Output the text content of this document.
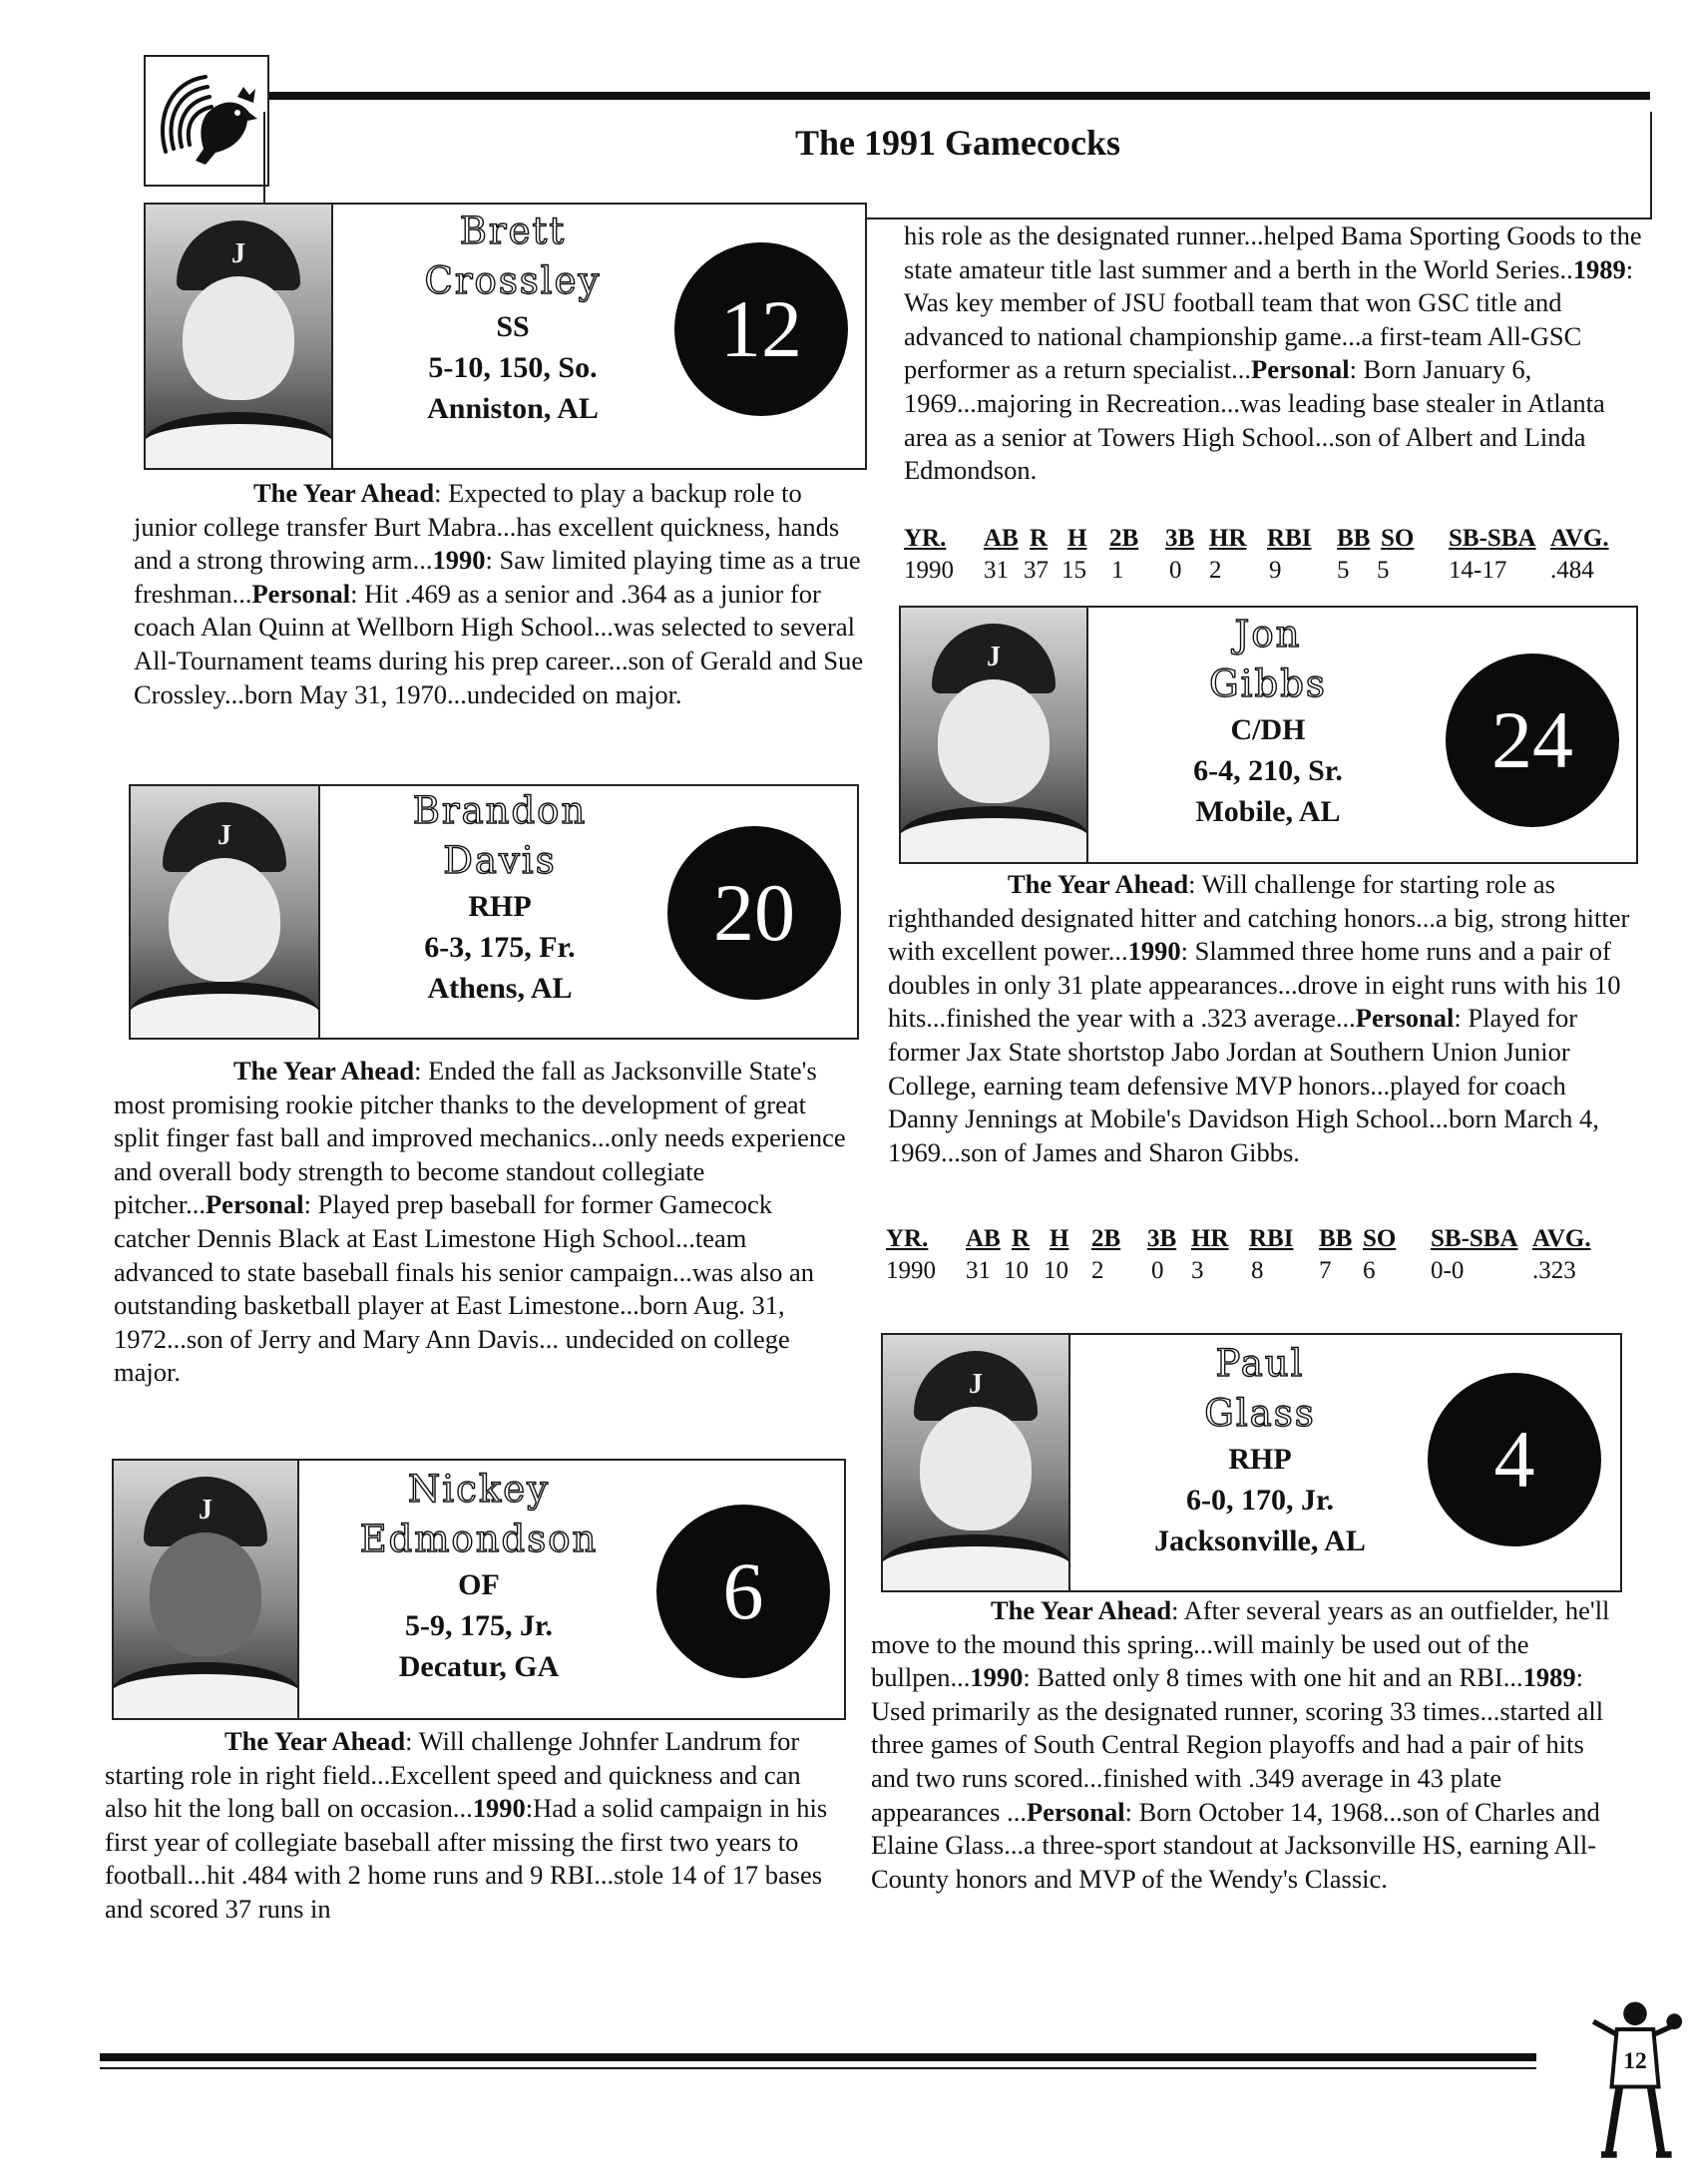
The 1991 Gamecocks
J
Brett
Crossley
SS
5-10, 150, So.
Anniston, AL
12

The Year Ahead: Expected to play a backup role to junior college transfer Burt Mabra...has excellent quickness, hands and a strong throwing arm...1990: Saw limited playing time as a true freshman...Personal: Hit .469 as a senior and .364 as a junior for coach Alan Quinn at Wellborn High School...was selected to several All-Tournament teams during his prep career...son of Gerald and Sue Crossley...born May 31, 1970...undecided on major.

J
Brandon
Davis
RHP
6-3, 175, Fr.
Athens, AL
20

The Year Ahead: Ended the fall as Jacksonville State's most promising rookie pitcher thanks to the development of great split finger fast ball and improved mechanics...only needs experience and overall body strength to become standout collegiate pitcher...Personal: Played prep baseball for former Gamecock catcher Dennis Black at East Limestone High School...team advanced to state baseball finals his senior campaign...was also an outstanding basketball player at East Limestone...born Aug. 31, 1972...son of Jerry and Mary Ann Davis... undecided on college major.

J	Nickey
Edmondson
OF
5-9, 175, Jr.
Decatur, GA
6

The Year Ahead: Will challenge Johnfer Landrum for starting role in right field...Excellent speed and quickness and can also hit the long ball on occasion...1990:Had a solid campaign in his first year of collegiate baseball after missing the first two years to football...hit .484 with 2 home runs and 9 RBI...stole 14 of 17 bases and scored 37 runs in

his role as the designated runner...helped Bama Sporting Goods to the state amateur title last summer and a berth in the World Series..1989: Was key member of JSU football team that won GSC title and advanced to national championship game...a first-team All-GSC performer as a return specialist...Personal: Born January 6, 1969...majoring in Recreation...was leading base stealer in Atlanta area as a senior at Towers High School...son of Albert and Linda Edmondson.

YR. AB R H 2B 3B HR RBI BB SO SB-SBA AVG.
1990 31 37 15 1 0 2 9 5 5 14-17 .484
J
Jon
Gibbs
C/DH
6-4, 210, Sr.
Mobile, AL
24

The Year Ahead: Will challenge for starting role as righthanded designated hitter and catching honors...a big, strong hitter with excellent power...1990: Slammed three home runs and a pair of doubles in only 31 plate appearances...drove in eight runs with his 10 hits...finished the year with a .323 average...Personal: Played for former Jax State shortstop Jabo Jordan at Southern Union Junior College, earning team defensive MVP honors...played for coach Danny Jennings at Mobile's Davidson High School...born March 4, 1969...son of James and Sharon Gibbs.

YR. AB R H 2B 3B HR RBI BB SO SB-SBA AVG.
1990 31 10 10 2 0 3 8 7 6 0-0	.323
J	Paul
Glass
RHP
6-0, 170, Jr.
Jacksonville, AL
4

The Year Ahead: After several years as an outfielder, he'll move to the mound this spring...will mainly be used out of the bullpen...1990: Batted only 8 times with one hit and an RBI...1989: Used primarily as the designated runner, scoring 33 times...started all three games of South Central Region playoffs and had a pair of hits and two runs scored...finished with .349 average in 43 plate appearances ...Personal: Born October 14, 1968...son of Charles and Elaine Glass...a three-sport standout at Jacksonville HS, earning All-County honors and MVP of the Wendy's Classic.

12
